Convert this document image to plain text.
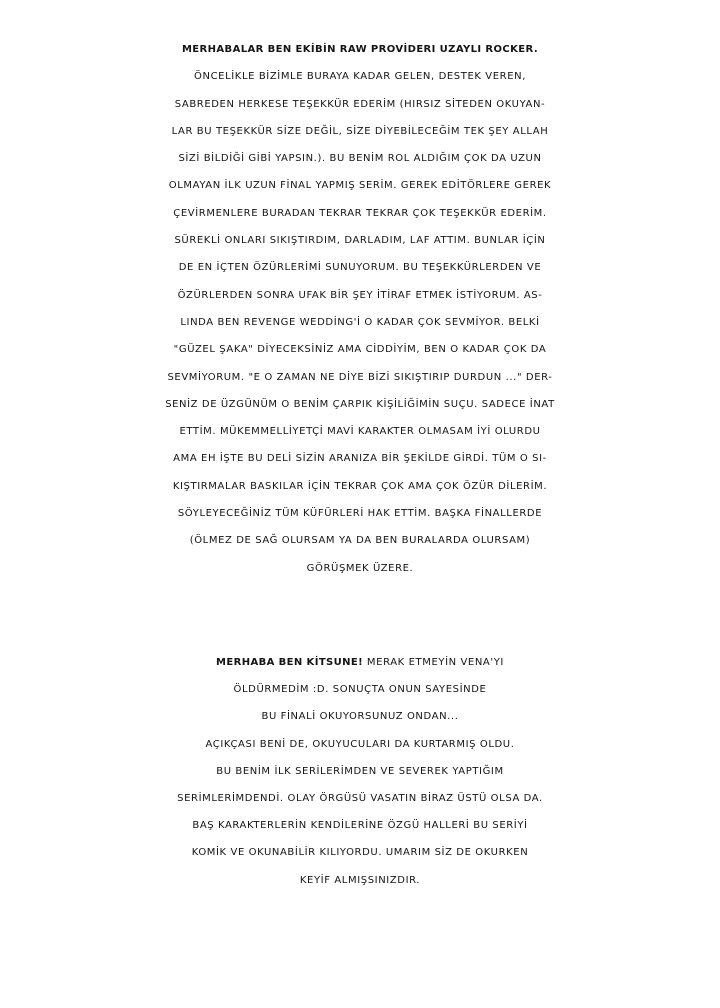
MERHABALAR BEN EKİBİN RAW PROVİDERI UZAYLI ROCKER.
ÖNCELİKLE BİZİMLE BURAYA KADAR GELEN, DESTEK VEREN,
SABREDEN HERKESE TEŞEKKÜR EDERİM (HIRSIZ SİTEDEN OKUYAN-
LAR BU TEŞEKKÜR SİZE DEĞİL, SİZE DİYEBİLECEĞİM TEK ŞEY ALLAH
SİZİ BİLDİĞİ GİBİ YAPSIN.). BU BENİM ROL ALDIĞIM ÇOK DA UZUN
OLMAYAN İLK UZUN FİNAL YAPMIŞ SERİM. GEREK EDİTÖRLERE GEREK
ÇEVİRMENLERE BURADAN TEKRAR TEKRAR ÇOK TEŞEKKÜR EDERİM.
SÜREKLİ ONLARI SIKIŞTIRDIM, DARLADIM, LAF ATTIM. BUNLAR İÇİN
DE EN İÇTEN ÖZÜRLERİMİ SUNUYORUM. BU TEŞEKKÜRLERDEN VE
ÖZÜRLERDEN SONRA UFAK BİR ŞEY İTİRAF ETMEK İSTİYORUM. AS-
LINDA BEN REVENGE WEDDİNG'İ O KADAR ÇOK SEVMİYOR. BELKİ
"GÜZEL ŞAKA" DİYECEKSİNİZ AMA CİDDİYİM, BEN O KADAR ÇOK DA
SEVMİYORUM. "E O ZAMAN NE DİYE BİZİ SIKIŞTIRIP DURDUN ..." DER-
SENİZ DE ÜZGÜNÜM O BENİM ÇARPIK KİŞİLİĞİMİN SUÇU. SADECE İNAT
ETTİM. MÜKEMMELLİYETÇİ MAVİ KARAKTER OLMASAM İYİ OLURDU
AMA EH İŞTE BU DELİ SİZİN ARANIZA BİR ŞEKİLDE GİRDİ. TÜM O SI-
KIŞTIRMALAR BASKILAR İÇİN TEKRAR ÇOK AMA ÇOK ÖZÜR DİLERİM.
SÖYLEYECEĞİNİZ TÜM KÜFÜRLERİ HAK ETTİM. BAŞKA FİNALLERDE
(ÖLMEZ DE SAĞ OLURSAM YA DA BEN BURALARDA OLURSAM)
GÖRÜŞMEK ÜZERE.
MERHABA BEN KİTSUNE! MERAK ETMEYİN VENA'YI
ÖLDÜRMEDİM :D. SONUÇTA ONUN SAYESİNDE
BU FİNALİ OKUYORSUNUZ ONDAN...
AÇIKÇASI BENİ DE, OKUYUCULARI DA KURTARMIŞ OLDU.
BU BENİM İLK SERİLERİMDEN VE SEVEREK YAPTIĞIM
SERİMLERİMDENDİ. OLAY ÖRGÜSÜ VASATIN BİRAZ ÜSTÜ OLSA DA.
BAŞ KARAKTERLERİN KENDİLERİNE ÖZGÜ HALLERİ BU SERİYİ
KOMİK VE OKUNABİLİR KILIYORDU. UMARIM SİZ DE OKURKEN
KEYİF ALMIŞSINIZDIR.
